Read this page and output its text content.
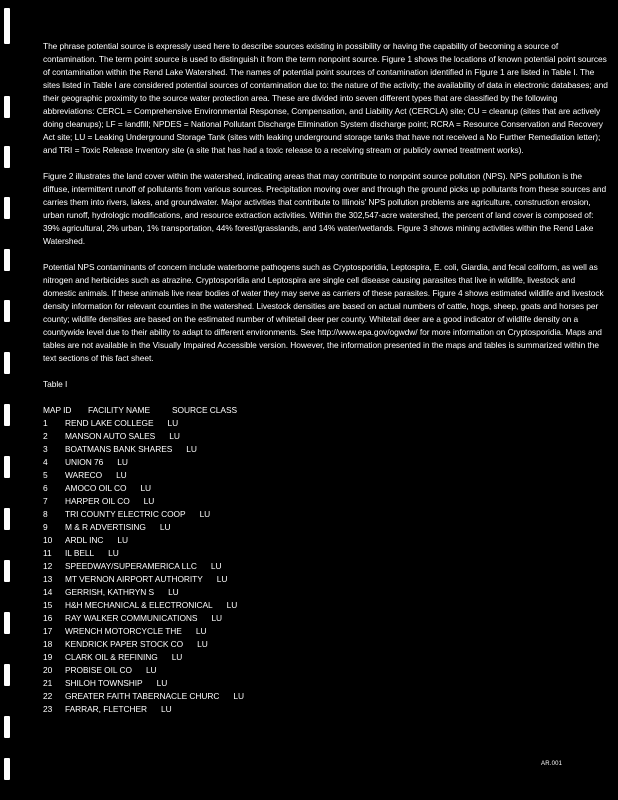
The phrase potential source is expressly used here to describe sources existing in possibility or having the capability of becoming a source of contamination. The term point source is used to distinguish it from the term nonpoint source. Figure 1 shows the locations of known potential point sources of contamination within the Rend Lake Watershed. The names of potential point sources of contamination identified in Figure 1 are listed in Table I. The sites listed in Table I are considered potential sources of contamination due to: the nature of the activity; the availability of data in electronic databases; and their geographic proximity to the source water protection area. These are divided into seven different types that are classified by the following abbreviations: CERCL = Comprehensive Environmental Response, Compensation, and Liability Act (CERCLA) site; CU = cleanup (sites that are actively doing cleanups); LF = landfill; NPDES = National Pollutant Discharge Elimination System discharge point; RCRA = Resource Conservation and Recovery Act site; LU = Leaking Underground Storage Tank (sites with leaking underground storage tanks that have not received a No Further Remediation letter); and TRI = Toxic Release Inventory site (a site that has had a toxic release to a receiving stream or publicly owned treatment works).

Figure 2 illustrates the land cover within the watershed, indicating areas that may contribute to nonpoint source pollution (NPS). NPS pollution is the diffuse, intermittent runoff of pollutants from various sources. Precipitation moving over and through the ground picks up pollutants from these sources and carries them into rivers, lakes, and groundwater. Major activities that contribute to Illinois' NPS pollution problems are agriculture, construction erosion, urban runoff, hydrologic modifications, and resource extraction activities. Within the 302,547-acre watershed, the percent of land cover is composed of: 39% agricultural, 2% urban, 1% transportation, 44% forest/grasslands, and 14% water/wetlands. Figure 3 shows mining activities within the Rend Lake Watershed.

Potential NPS contaminants of concern include waterborne pathogens such as Cryptosporidia, Leptospira, E. coli, Giardia, and fecal coliform, as well as nitrogen and herbicides such as atrazine. Cryptosporidia and Leptospira are single cell disease causing parasites that live in wildlife, livestock and domestic animals. If these animals live near bodies of water they may serve as carriers of these parasites. Figure 4 shows estimated wildlife and livestock density information for relevant counties in the watershed. Livestock densities are based on actual numbers of cattle, hogs, sheep, goats and horses per county; wildlife densities are based on the estimated number of whitetail deer per county. Whitetail deer are a good indicator of wildlife density on a countywide level due to their ability to adapt to different environments. See http://www.epa.gov/ogwdw/ for more information on Cryptosporidia. Maps and tables are not available in the Visually Impaired Accessible version. However, the information presented in the maps and tables is summarized within the text sections of this fact sheet.

Table I
MAP ID FACILITY NAME	SOURCE CLASS
1 REND LAKE COLLEGE LU
2 MANSON AUTO SALES LU
3 BOATMANS BANK SHARES LU
4 UNION 76 LU
5 WARECO LU
6 AMOCO OIL CO LU
7 HARPER OIL CO LU
8 TRI COUNTY ELECTRIC COOP LU
9 M & R ADVERTISING LU
10 ARDL INC LU
11 IL BELL LU
12 SPEEDWAY/SUPERAMERICA LLC LU
13 MT VERNON AIRPORT AUTHORITY LU
14 GERRISH, KATHRYN S LU
15 H&H MECHANICAL & ELECTRONICAL LU
16 RAY WALKER COMMUNICATIONS LU
17 WRENCH MOTORCYCLE THE LU
18 KENDRICK PAPER STOCK CO LU
19 CLARK OIL & REFINING LU
20 PROBISE OIL CO LU
21 SHILOH TOWNSHIP LU
22 GREATER FAITH TABERNACLE CHURC LU
23 FARRAR, FLETCHER LU
AR.001
